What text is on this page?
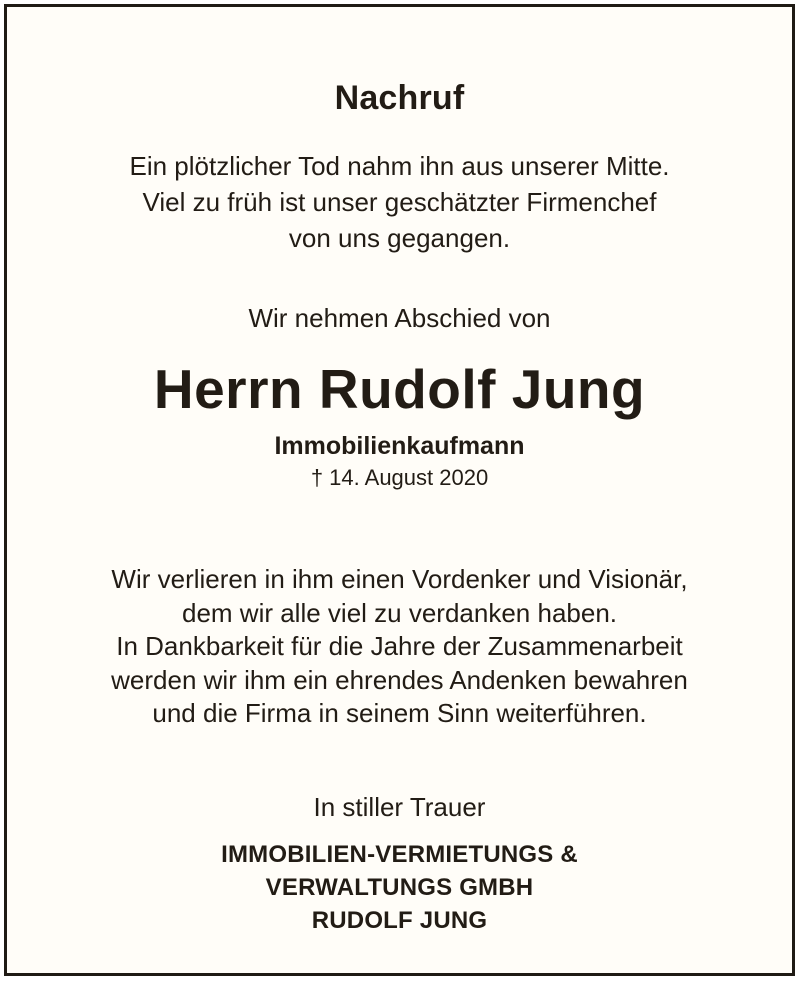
Nachruf
Ein plötzlicher Tod nahm ihn aus unserer Mitte.
Viel zu früh ist unser geschätzter Firmenchef
von uns gegangen.
Wir nehmen Abschied von
Herrn Rudolf Jung
Immobilienkaufmann
† 14. August 2020
Wir verlieren in ihm einen Vordenker und Visionär,
dem wir alle viel zu verdanken haben.
In Dankbarkeit für die Jahre der Zusammenarbeit
werden wir ihm ein ehrendes Andenken bewahren
und die Firma in seinem Sinn weiterführen.
In stiller Trauer
IMMOBILIEN-VERMIETUNGS &
VERWALTUNGS GMBH
RUDOLF JUNG
